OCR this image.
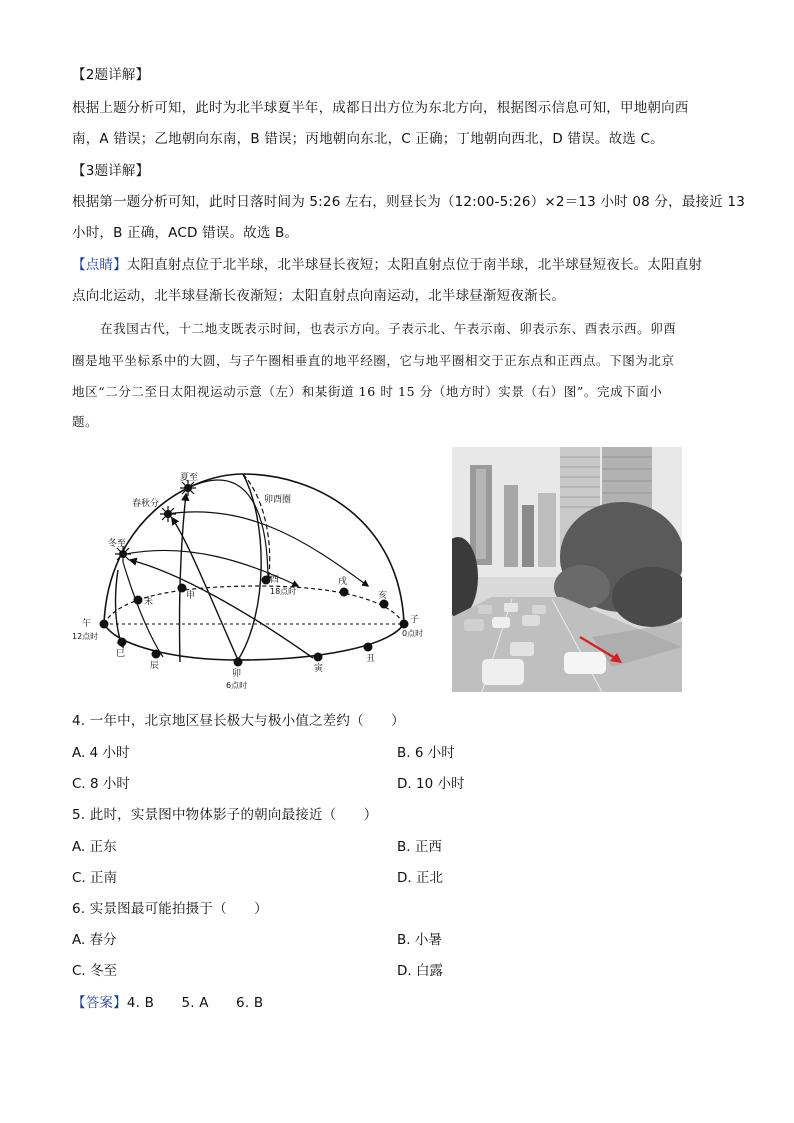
【2题详解】
根据上题分析可知，此时为北半球夏半年，成都日出方位为东北方向，根据图示信息可知，甲地朝向西
南，A 错误；乙地朝向东南，B 错误；丙地朝向东北，C 正确；丁地朝向西北，D 错误。故选 C。
【3题详解】
根据第一题分析可知，此时日落时间为 5:26 左右，则昼长为（12:00-5:26）×2＝13 小时 08 分，最接近 13
小时，B 正确，ACD 错误。故选 B。
【点睛】太阳直射点位于北半球，北半球昼长夜短；太阳直射点位于南半球，北半球昼短夜长。太阳直射
点向北运动，北半球昼渐长夜渐短；太阳直射点向南运动，北半球昼渐短夜渐长。
在我国古代，十二地支既表示时间，也表示方向。子表示北、午表示南、卯表示东、酉表示西。卯酉
圈是地平坐标系中的大圆，与子午圈相垂直的地平经圈，它与地平圈相交于正东点和正西点。下图为北京
地区“二分二至日太阳视运动示意（左）和某街道 16 时 15 分（地方时）实景（右）图”。完成下面小
题。
夏至
春秋分
冬至
卯酉圈
午
12点时
子
0点时
酉
18点时
未
申
戌
亥
巳
辰
卯
6点时
寅
丑
4. 一年中，北京地区昼长极大与极小值之差约（　　）
A. 4 小时	B. 6 小时
C. 8 小时	D. 10 小时
5. 此时，实景图中物体影子的朝向最接近（　　）
A. 正东	B. 正西
C. 正南	D. 正北
6. 实景图最可能拍摄于（　　）
A. 春分	B. 小暑
C. 冬至	D. 白露
【答案】4. B　　5. A　　6. B
